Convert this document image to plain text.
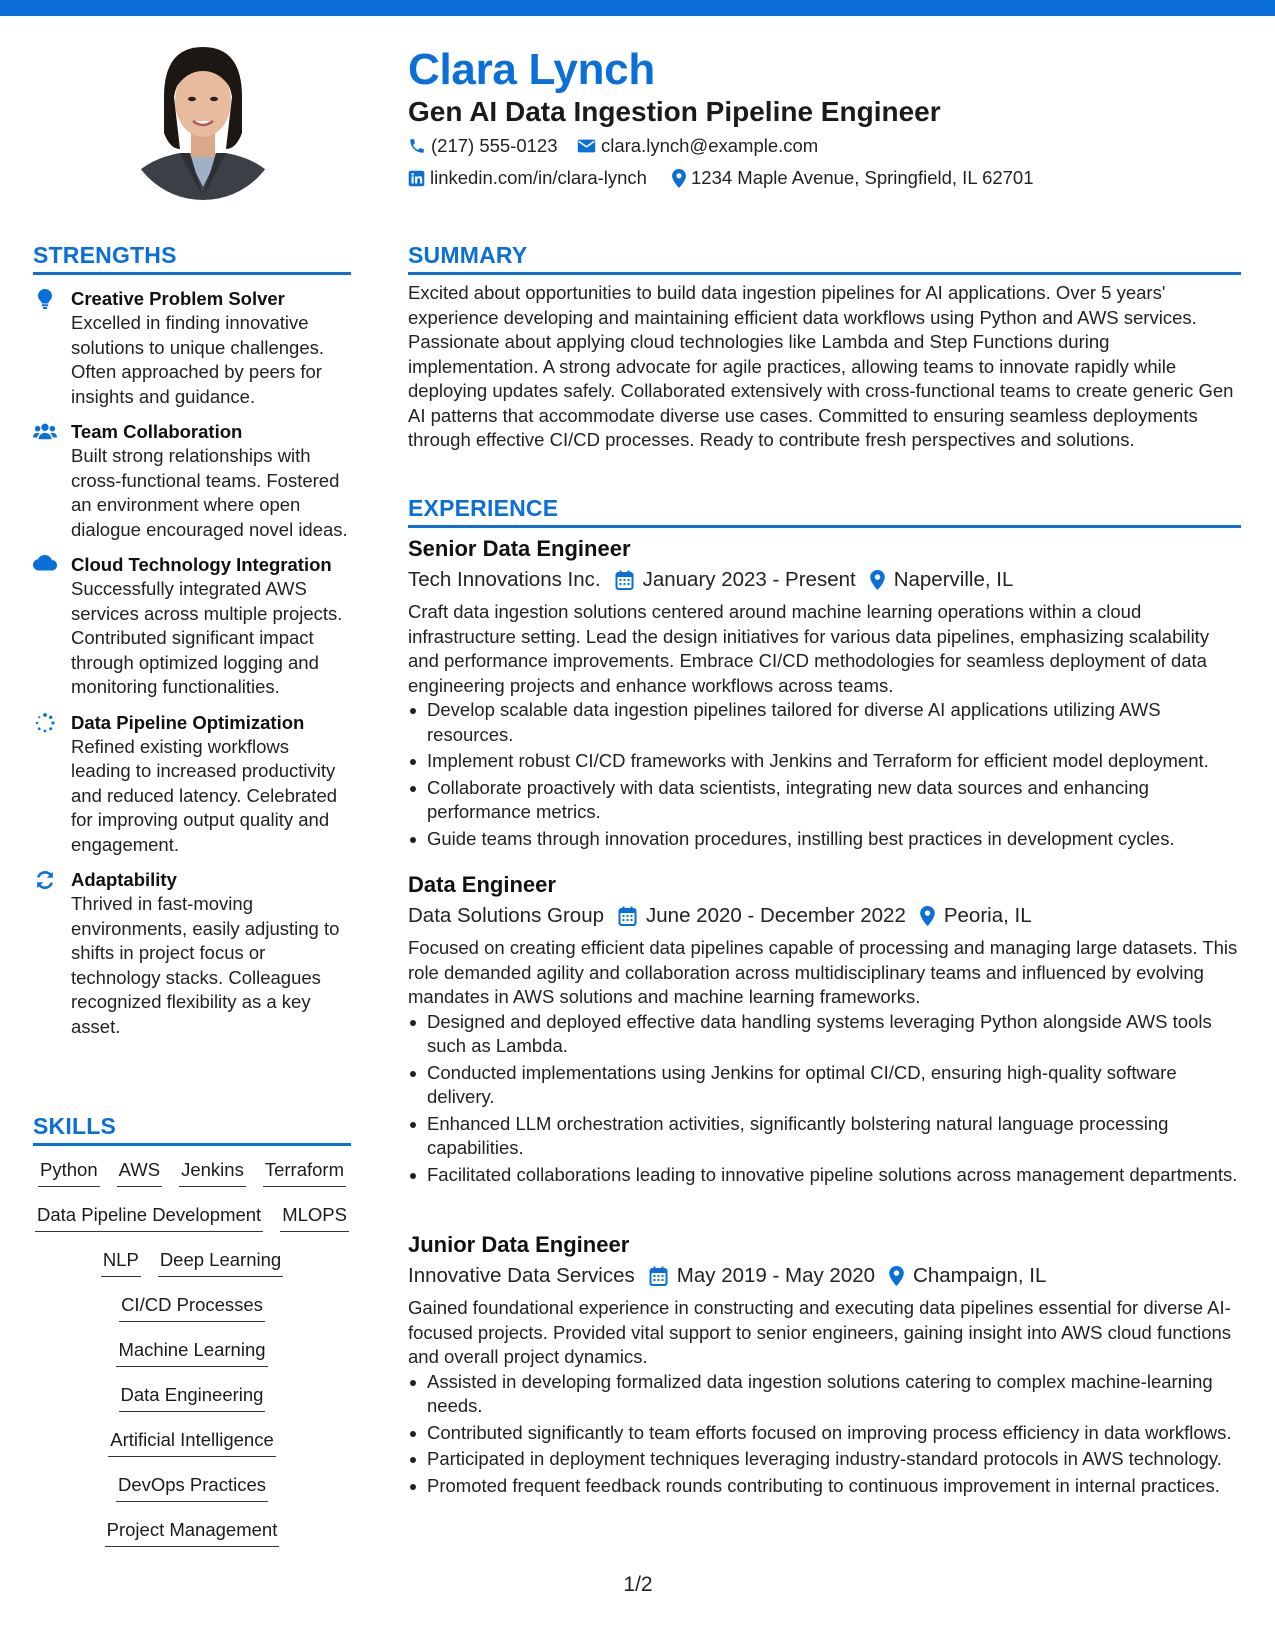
Clara Lynch
Gen AI Data Ingestion Pipeline Engineer
(217) 555-0123 clara.lynch@example.com
linkedin.com/in/clara-lynch 1234 Maple Avenue, Springfield, IL 62701
STRENGTHS
Creative Problem Solver
Excelled in finding innovative solutions to unique challenges. Often approached by peers for insights and guidance.
Team Collaboration
Built strong relationships with cross-functional teams. Fostered an environment where open dialogue encouraged novel ideas.
Cloud Technology Integration
Successfully integrated AWS services across multiple projects. Contributed significant impact through optimized logging and monitoring functionalities.
Data Pipeline Optimization
Refined existing workflows leading to increased productivity and reduced latency. Celebrated for improving output quality and engagement.
Adaptability
Thrived in fast-moving environments, easily adjusting to shifts in project focus or technology stacks. Colleagues recognized flexibility as a key asset.
SKILLS
Python AWS Jenkins Terraform
Data Pipeline Development MLOPS
NLP Deep Learning
CI/CD Processes
Machine Learning
Data Engineering
Artificial Intelligence
DevOps Practices
Project Management
SUMMARY

Excited about opportunities to build data ingestion pipelines for AI applications. Over 5 years' experience developing and maintaining efficient data workflows using Python and AWS services. Passionate about applying cloud technologies like Lambda and Step Functions during implementation. A strong advocate for agile practices, allowing teams to innovate rapidly while deploying updates safely. Collaborated extensively with cross-functional teams to create generic Gen AI patterns that accommodate diverse use cases. Committed to ensuring seamless deployments through effective CI/CD processes. Ready to contribute fresh perspectives and solutions.

EXPERIENCE
Senior Data Engineer
Tech Innovations Inc. January 2023 - Present Naperville, IL

Craft data ingestion solutions centered around machine learning operations within a cloud infrastructure setting. Lead the design initiatives for various data pipelines, emphasizing scalability and performance improvements. Embrace CI/CD methodologies for seamless deployment of data engineering projects and enhance workflows across teams.

Develop scalable data ingestion pipelines tailored for diverse AI applications utilizing AWS resources.
Implement robust CI/CD frameworks with Jenkins and Terraform for efficient model deployment.
Collaborate proactively with data scientists, integrating new data sources and enhancing performance metrics.
Guide teams through innovation procedures, instilling best practices in development cycles.
Data Engineer
Data Solutions Group June 2020 - December 2022 Peoria, IL

Focused on creating efficient data pipelines capable of processing and managing large datasets. This role demanded agility and collaboration across multidisciplinary teams and influenced by evolving mandates in AWS solutions and machine learning frameworks.

Designed and deployed effective data handling systems leveraging Python alongside AWS tools such as Lambda.
Conducted implementations using Jenkins for optimal CI/CD, ensuring high-quality software delivery.
Enhanced LLM orchestration activities, significantly bolstering natural language processing capabilities.
Facilitated collaborations leading to innovative pipeline solutions across management departments.
Junior Data Engineer
Innovative Data Services May 2019 - May 2020 Champaign, IL

Gained foundational experience in constructing and executing data pipelines essential for diverse AI-focused projects. Provided vital support to senior engineers, gaining insight into AWS cloud functions and overall project dynamics.

Assisted in developing formalized data ingestion solutions catering to complex machine-learning needs.
Contributed significantly to team efforts focused on improving process efficiency in data workflows.
Participated in deployment techniques leveraging industry-standard protocols in AWS technology.
Promoted frequent feedback rounds contributing to continuous improvement in internal practices.
1/2
